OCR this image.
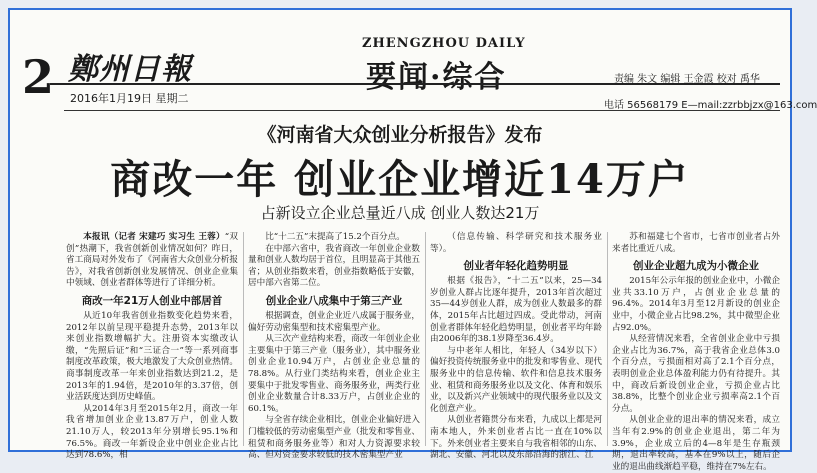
2 鄭州日報
2016年1月19日 星期二
ZHENGZHOU DAILY
要闻·综合	责编 朱文 编辑 王金霞 校对 禹华
电话 56568179 E—mail:zzrbbjzx@163.com
《河南省大众创业分析报告》发布
商改一年 创业企业增近14万户
占新设立企业总量近八成 创业人数达21万

本报讯（记者 宋建巧 实习生 王蓉）“双创”热潮下，我省创新创业情况如何？昨日，省工商局对外发布了《河南省大众创业分析报告》，对我省创新创业发展情况、创业企业集中领域、创业者群体等进行了详细分析。

商改一年21万人创业中部居首

从近10年我省创业指数变化趋势来看，2012年以前呈现平稳提升态势，2013年以来创业指数增幅扩大。注册资本实缴改认缴，“先照后证”和“三证合一”等一系列商事制度改革政策，极大地激发了大众创业热情。商事制度改革一年来创业指数达到21.2，是2013年的1.94倍，是2010年的3.37倍，创业活跃度达到历史峰值。

从2014年3月至2015年2月，商改一年我省增加创业企业13.87万户，创业人数21.10万人，较2013年分别增长95.1%和76.5%。商改一年新设企业中创业企业占比达到78.6%，相

比“十二五”末提高了15.2个百分点。

在中部六省中，我省商改一年创业企业数量和创业人数均居于首位，且明显高于其他五省；从创业指数来看，创业指数略低于安徽，居中部六省第二位。

创业企业八成集中于第三产业

根据调查，创业企业近八成属于服务业，偏好劳动密集型和技术密集型产业。

从三次产业结构来看，商改一年创业企业主要集中于第三产业（服务业），其中服务业创业企业10.94万户，占创业企业总量的78.8%。从行业门类结构来看，创业企业主要集中于批发零售业、商务服务业，两类行业创业企业数量合计8.33万户，占创业企业的60.1%。

与全省存续企业相比，创业企业偏好进入门槛较低的劳动密集型产业（批发和零售业、租赁和商务服务业等）和对人力资源要求较高、但对资金要求较低的技术密集型产业

（信息传输、科学研究和技术服务业等）。

创业者年轻化趋势明显

根据《报告》，“十二五”以来，25—34岁创业人群占比逐年提升，2013年首次超过35—44岁创业人群，成为创业人数最多的群体，2015年占比超过四成。受此带动，河南创业者群体年轻化趋势明显，创业者平均年龄由2006年的38.1岁降至36.4岁。

与中老年人相比，年轻人（34岁以下）偏好投资传统服务业中的批发和零售业、现代服务业中的信息传输、软件和信息技术服务业、租赁和商务服务业以及文化、体育和娱乐业，以及新兴产业领域中的现代服务业以及文化创意产业。

从创业者籍贯分布来看，九成以上都是河南本地人，外来创业者占比一直在10%以下。外来创业者主要来自与我省相邻的山东、湖北、安徽、河北以及东部沿海的浙江、江

苏和福建七个省市，七省市创业者占外来者比重近八成。

创业企业超九成为小微企业

2015年公示年报的创业企业中，小微企业共33.10万户，占创业企业总量的96.4%。2014年3月至12月新设的创业企业中，小微企业占比98.2%，其中微型企业占92.0%。

从经营情况来看，全省创业企业中亏损企业占比为36.7%，高于我省企业总体3.0个百分点，亏损面相对高了2.1个百分点，表明创业企业总体盈利能力仍有待提升。其中，商改后新设创业企业，亏损企业占比38.8%，比整个创业企业亏损率高2.1个百分点。

从创业企业的退出率的情况来看，成立当年有2.9%的创业企业退出，第二年为3.9%，企业成立后的4—8年是生存瓶颈期，退出率较高，基本在9%以上，随后企业的退出曲线渐趋平稳，维持在7%左右。
